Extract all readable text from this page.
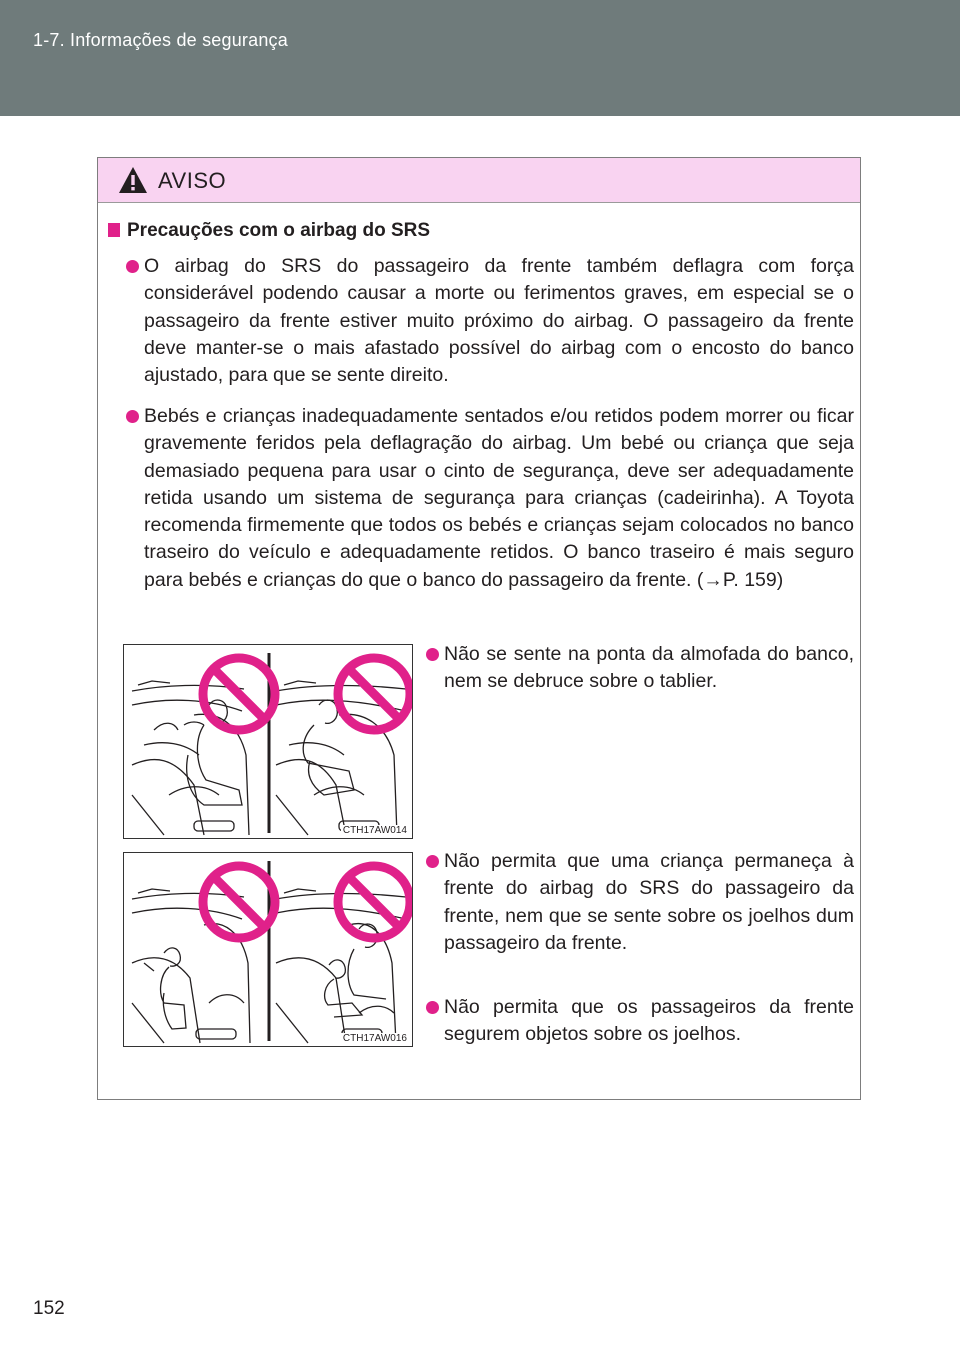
1-7. Informações de segurança
AVISO
Precauções com o airbag do SRS
O airbag do SRS do passageiro da frente também deflagra com força considerável podendo causar a morte ou ferimentos graves, em especial se o passageiro da frente estiver muito próximo do airbag. O passageiro da frente deve manter-se o mais afastado possível do airbag com o encosto do banco ajustado, para que se sente direito.
Bebés e crianças inadequadamente sentados e/ou retidos podem morrer ou ficar gravemente feridos pela deflagração do airbag. Um bebé ou criança que seja demasiado pequena para usar o cinto de segurança, deve ser adequadamente retida usando um sistema de segurança para crianças (cadeirinha). A Toyota recomenda firmemente que todos os bebés e crianças sejam colocados no banco traseiro do veículo e adequadamente retidos. O banco traseiro é mais seguro para bebés e crianças do que o banco do passageiro da frente. (→P. 159)
CTH17AW014
Não se sente na ponta da almofada do banco, nem se debruce sobre o tablier.
CTH17AW016
Não permita que uma criança permaneça à frente do airbag do SRS do passageiro da frente, nem que se sente sobre os joelhos dum passageiro da frente.
Não permita que os passageiros da frente segurem objetos sobre os joelhos.
152
